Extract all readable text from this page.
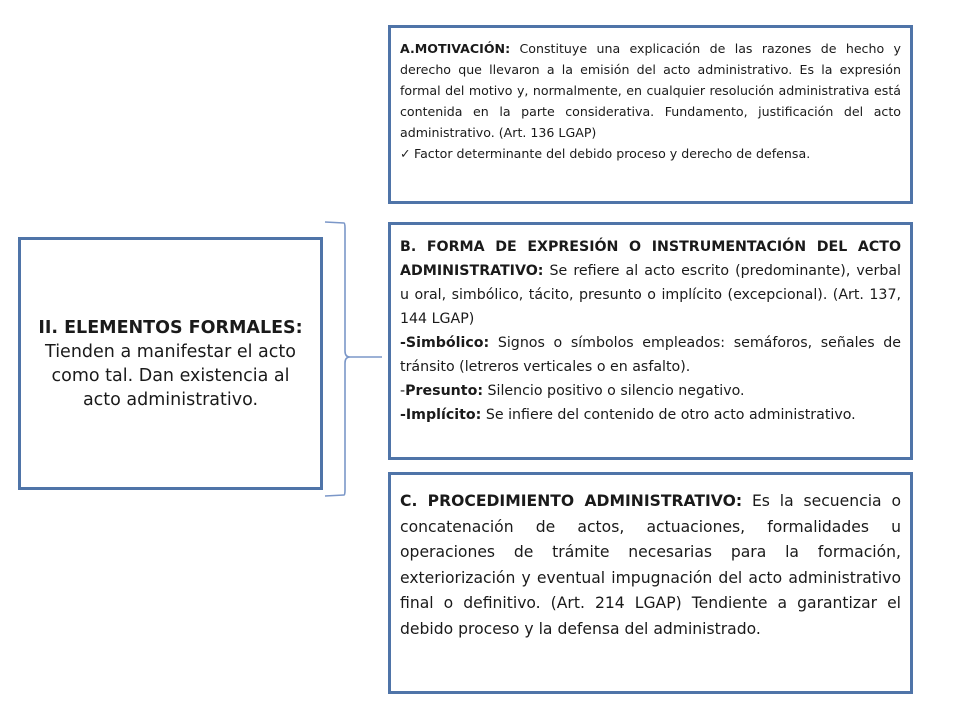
II. ELEMENTOS FORMALES: Tienden a manifestar el acto como tal. Dan existencia al acto administrativo.

A.MOTIVACIÓN: Constituye una explicación de las razones de hecho y derecho que llevaron a la emisión del acto administrativo. Es la expresión formal del motivo y, normalmente, en cualquier resolución administrativa está contenida en la parte considerativa. Fundamento, justificación del acto administrativo. (Art. 136 LGAP)

✓ Factor determinante del debido proceso y derecho de defensa.

B. FORMA DE EXPRESIÓN O INSTRUMENTACIÓN DEL ACTO ADMINISTRATIVO: Se refiere al acto escrito (predominante), verbal u oral, simbólico, tácito, presunto o implícito (excepcional). (Art. 137, 144 LGAP)

-Simbólico: Signos o símbolos empleados: semáforos, señales de tránsito (letreros verticales o en asfalto).

-Presunto: Silencio positivo o silencio negativo.

-Implícito: Se infiere del contenido de otro acto administrativo.

C. PROCEDIMIENTO ADMINISTRATIVO: Es la secuencia o concatenación de actos, actuaciones, formalidades u operaciones de trámite necesarias para la formación, exteriorización y eventual impugnación del acto administrativo final o definitivo. (Art. 214 LGAP) Tendiente a garantizar el debido proceso y la defensa del administrado.
